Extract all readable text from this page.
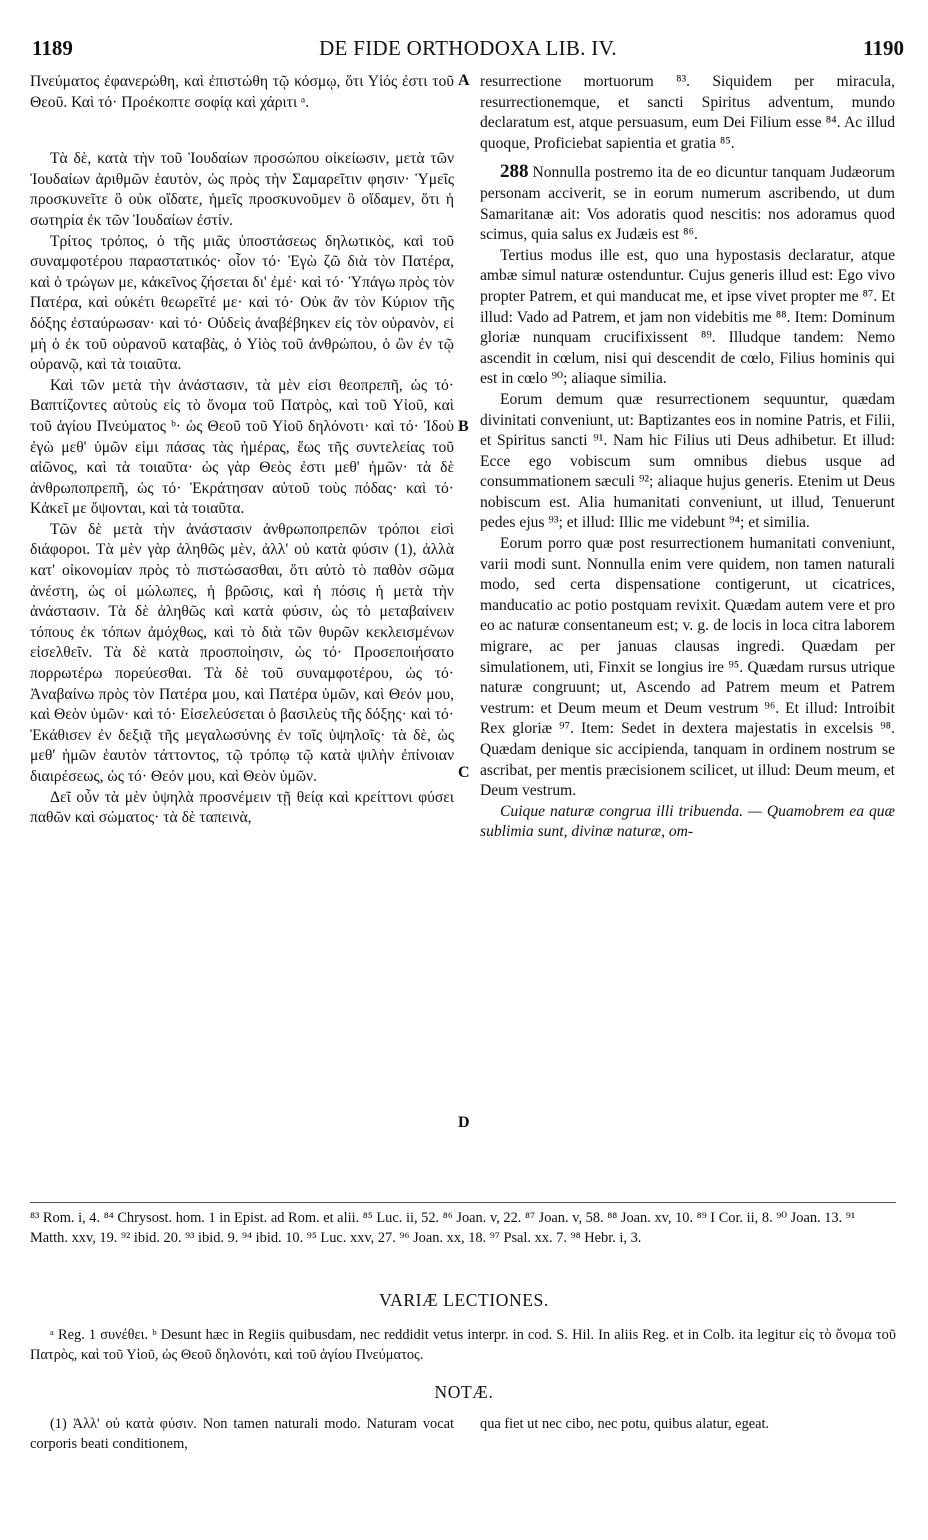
1189	DE FIDE ORTHODOXA LIB. IV.	1190

Πνεύματος ἐφανερώθη, καὶ ἐπιστώθη τῷ κόσμῳ, ὅτι Υἱός ἐστι τοῦ Θεοῦ. Καὶ τό· Προέκοπτε σοφίᾳ καὶ χάριτι ᵃ.

Τὰ δὲ, κατὰ τὴν τοῦ Ἰουδαίων προσώπου οἰκείωσιν, μετὰ τῶν Ἰουδαίων ἀριθμῶν ἑαυτὸν, ὡς πρὸς τὴν Σαμαρεῖτιν φησιν· Ὑμεῖς προσκυνεῖτε ὃ οὐκ οἴδατε, ἡμεῖς προσκυνοῦμεν ὃ οἴδαμεν, ὅτι ἡ σωτηρία ἐκ τῶν Ἰουδαίων ἐστίν.

Τρίτος τρόπος, ὁ τῆς μιᾶς ὑποστάσεως δηλωτικὸς, καὶ τοῦ συναμφοτέρου παραστατικός· οἷον τό· Ἐγὼ ζῶ διὰ τὸν Πατέρα, καὶ ὁ τρώγων με, κἀκεῖνος ζήσεται δι' ἐμέ· καὶ τό· Ὑπάγω πρὸς τὸν Πατέρα, καὶ οὐκέτι θεωρεῖτέ με· καὶ τό· Οὐκ ἂν τὸν Κύριον τῆς δόξης ἐσταύρωσαν· καὶ τό· Οὐδεὶς ἀναβέβηκεν εἰς τὸν οὐρανὸν, εἰ μὴ ὁ ἐκ τοῦ οὐρανοῦ καταβὰς, ὁ Υἱὸς τοῦ ἀνθρώπου, ὁ ὢν ἐν τῷ οὐρανῷ, καὶ τὰ τοιαῦτα.

Καὶ τῶν μετὰ τὴν ἀνάστασιν, τὰ μὲν εἰσι θεοπρεπῆ, ὡς τό· Βαπτίζοντες αὐτοὺς εἰς τὸ ὄνομα τοῦ Πατρὸς, καὶ τοῦ Υἱοῦ, καὶ τοῦ ἁγίου Πνεύματος ᵇ· ὡς Θεοῦ τοῦ Υἱοῦ δηλόνοτι· καὶ τό· Ἰδοὺ ἐγὼ μεθ' ὑμῶν εἰμι πάσας τὰς ἡμέρας, ἕως τῆς συντελείας τοῦ αἰῶνος, καὶ τὰ τοιαῦτα· ὡς γὰρ Θεὸς ἐστι μεθ' ἡμῶν· τὰ δὲ ἀνθρωποπρεπῆ, ὡς τό· Ἐκράτησαν αὐτοῦ τοὺς πόδας· καὶ τό· Κἀκεῖ με ὄψονται, καὶ τὰ τοιαῦτα.

Τῶν δὲ μετὰ τὴν ἀνάστασιν ἀνθρωποπρεπῶν τρόποι εἰσὶ διάφοροι. Τὰ μὲν γὰρ ἀληθῶς μὲν, ἀλλ' οὐ κατὰ φύσιν (1), ἀλλὰ κατ' οἰκονομίαν πρὸς τὸ πιστώσασθαι, ὅτι αὐτὸ τὸ παθὸν σῶμα ἀνέστη, ὡς οἱ μώλωπες, ἡ βρῶσις, καὶ ἡ πόσις ἡ μετὰ τὴν ἀνάστασιν. Τὰ δὲ ἀληθῶς καὶ κατὰ φύσιν, ὡς τὸ μεταβαίνειν τόπους ἐκ τόπων ἀμόχθως, καὶ τὸ διὰ τῶν θυρῶν κεκλεισμένων εἰσελθεῖν. Τὰ δὲ κατὰ προσποίησιν, ὡς τό· Προσεποιήσατο πορρωτέρω πορεύεσθαι. Τὰ δὲ τοῦ συναμφοτέρου, ὡς τό· Ἀναβαίνω πρὸς τὸν Πατέρα μου, καὶ Πατέρα ὑμῶν, καὶ Θεόν μου, καὶ Θεὸν ὑμῶν· καὶ τό· Εἰσελεύσεται ὁ βασιλεὺς τῆς δόξης· καὶ τό· Ἐκάθισεν ἐν δεξιᾷ τῆς μεγαλωσύνης ἐν τοῖς ὑψηλοῖς· τὰ δὲ, ὡς μεθ' ἡμῶν ἑαυτὸν τάττοντος, τῷ τρόπῳ τῷ κατὰ ψιλὴν ἐπίνοιαν διαιρέσεως, ὡς τό· Θεόν μου, καὶ Θεὸν ὑμῶν.

Δεῖ οὖν τὰ μὲν ὑψηλὰ προσνέμειν τῇ θείᾳ καὶ κρείττονι φύσει παθῶν καὶ σώματος· τὰ δὲ ταπεινὰ,

A
B
C
D

resurrectione mortuorum ⁸³. Siquidem per miracula, resurrectionemque, et sancti Spiritus adventum, mundo declaratum est, atque persuasum, eum Dei Filium esse ⁸⁴. Ac illud quoque, Proficiebat sapientia et gratia ⁸⁵.

288 Nonnulla postremo ita de eo dicuntur tanquam Judæorum personam acciverit, se in eorum numerum ascribendo, ut dum Samaritanæ ait: Vos adoratis quod nescitis: nos adoramus quod scimus, quia salus ex Judæis est ⁸⁶.

Tertius modus ille est, quo una hypostasis declaratur, atque ambæ simul naturæ ostenduntur. Cujus generis illud est: Ego vivo propter Patrem, et qui manducat me, et ipse vivet propter me ⁸⁷. Et illud: Vado ad Patrem, et jam non videbitis me ⁸⁸. Item: Dominum gloriæ nunquam crucifixissent ⁸⁹. Illudque tandem: Nemo ascendit in cœlum, nisi qui descendit de cœlo, Filius hominis qui est in cœlo ⁹⁰; aliaque similia.

Eorum demum quæ resurrectionem sequuntur, quædam divinitati conveniunt, ut: Baptizantes eos in nomine Patris, et Filii, et Spiritus sancti ⁹¹. Nam hic Filius uti Deus adhibetur. Et illud: Ecce ego vobiscum sum omnibus diebus usque ad consummationem sæculi ⁹²; aliaque hujus generis. Etenim ut Deus nobiscum est. Alia humanitati conveniunt, ut illud, Tenuerunt pedes ejus ⁹³; et illud: Illic me videbunt ⁹⁴; et similia.

Eorum porro quæ post resurrectionem humanitati conveniunt, varii modi sunt. Nonnulla enim vere quidem, non tamen naturali modo, sed certa dispensatione contigerunt, ut cicatrices, manducatio ac potio postquam revixit. Quædam autem vere et pro eo ac naturæ consentaneum est; v. g. de locis in loca citra laborem migrare, ac per januas clausas ingredi. Quædam per simulationem, uti, Finxit se longius ire ⁹⁵. Quædam rursus utrique naturæ congruunt; ut, Ascendo ad Patrem meum et Patrem vestrum: et Deum meum et Deum vestrum ⁹⁶. Et illud: Introibit Rex gloriæ ⁹⁷. Item: Sedet in dextera majestatis in excelsis ⁹⁸. Quædam denique sic accipienda, tanquam in ordinem nostrum se ascribat, per mentis præcisionem scilicet, ut illud: Deum meum, et Deum vestrum.

Cuique naturæ congrua illi tribuenda. — Quamobrem ea quæ sublimia sunt, divinæ naturæ, om-

⁸³ Rom. i, 4. ⁸⁴ Chrysost. hom. 1 in Epist. ad Rom. et alii. ⁸⁵ Luc. ii, 52. ⁸⁶ Joan. v, 22. ⁸⁷ Joan. v, 58. ⁸⁸ Joan. xv, 10. ⁸⁹ I Cor. ii, 8. ⁹⁰ Joan. 13. ⁹¹ Matth. xxv, 19. ⁹² ibid. 20. ⁹³ ibid. 9. ⁹⁴ ibid. 10. ⁹⁵ Luc. xxv, 27. ⁹⁶ Joan. xx, 18. ⁹⁷ Psal. xx. 7. ⁹⁸ Hebr. i, 3.

VARIÆ LECTIONES.

ᵃ Reg. 1 συνέθει. ᵇ Desunt hæc in Regiis quibusdam, nec reddidit vetus interpr. in cod. S. Hil. In aliis Reg. et in Colb. ita legitur εἰς τὸ ὄνομα τοῦ Πατρὸς, καὶ τοῦ Υἱοῦ, ὡς Θεοῦ δηλονότι, καὶ τοῦ ἁγίου Πνεύματος.

NOTÆ.

(1) Ἀλλ' οὐ κατὰ φύσιν. Non tamen naturali modo. Naturam vocat corporis beati conditionem,

qua fiet ut nec cibo, nec potu, quibus alatur, egeat.
